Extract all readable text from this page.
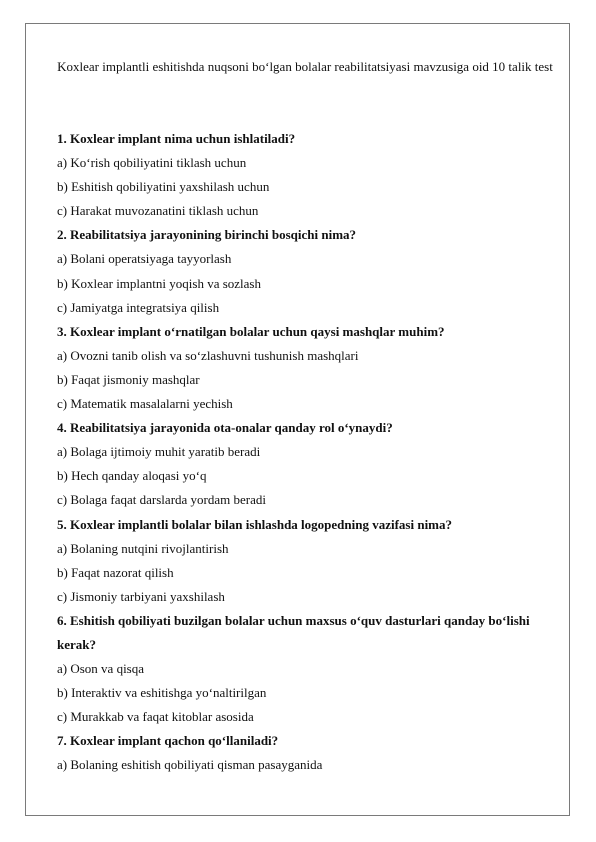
Koxlear implantli eshitishda nuqsoni boʻlgan bolalar reabilitatsiyasi mavzusiga oid 10 talik test

1. Koxlear implant nima uchun ishlatiladi?

a) Koʻrish qobiliyatini tiklash uchun

b) Eshitish qobiliyatini yaxshilash uchun

c) Harakat muvozanatini tiklash uchun

2. Reabilitatsiya jarayonining birinchi bosqichi nima?

a) Bolani operatsiyaga tayyorlash

b) Koxlear implantni yoqish va sozlash

c) Jamiyatga integratsiya qilish

3. Koxlear implant oʻrnatilgan bolalar uchun qaysi mashqlar muhim?

a) Ovozni tanib olish va soʻzlashuvni tushunish mashqlari

b) Faqat jismoniy mashqlar

c) Matematik masalalarni yechish

4. Reabilitatsiya jarayonida ota-onalar qanday rol oʻynaydi?

a) Bolaga ijtimoiy muhit yaratib beradi

b) Hech qanday aloqasi yoʻq

c) Bolaga faqat darslarda yordam beradi

5. Koxlear implantli bolalar bilan ishlashda logopedning vazifasi nima?

a) Bolaning nutqini rivojlantirish

b) Faqat nazorat qilish

c) Jismoniy tarbiyani yaxshilash

6. Eshitish qobiliyati buzilgan bolalar uchun maxsus oʻquv dasturlari qanday boʻlishi kerak?

a) Oson va qisqa

b) Interaktiv va eshitishga yoʻnaltirilgan

c) Murakkab va faqat kitoblar asosida

7. Koxlear implant qachon qoʻllaniladi?

a) Bolaning eshitish qobiliyati qisman pasayganida
